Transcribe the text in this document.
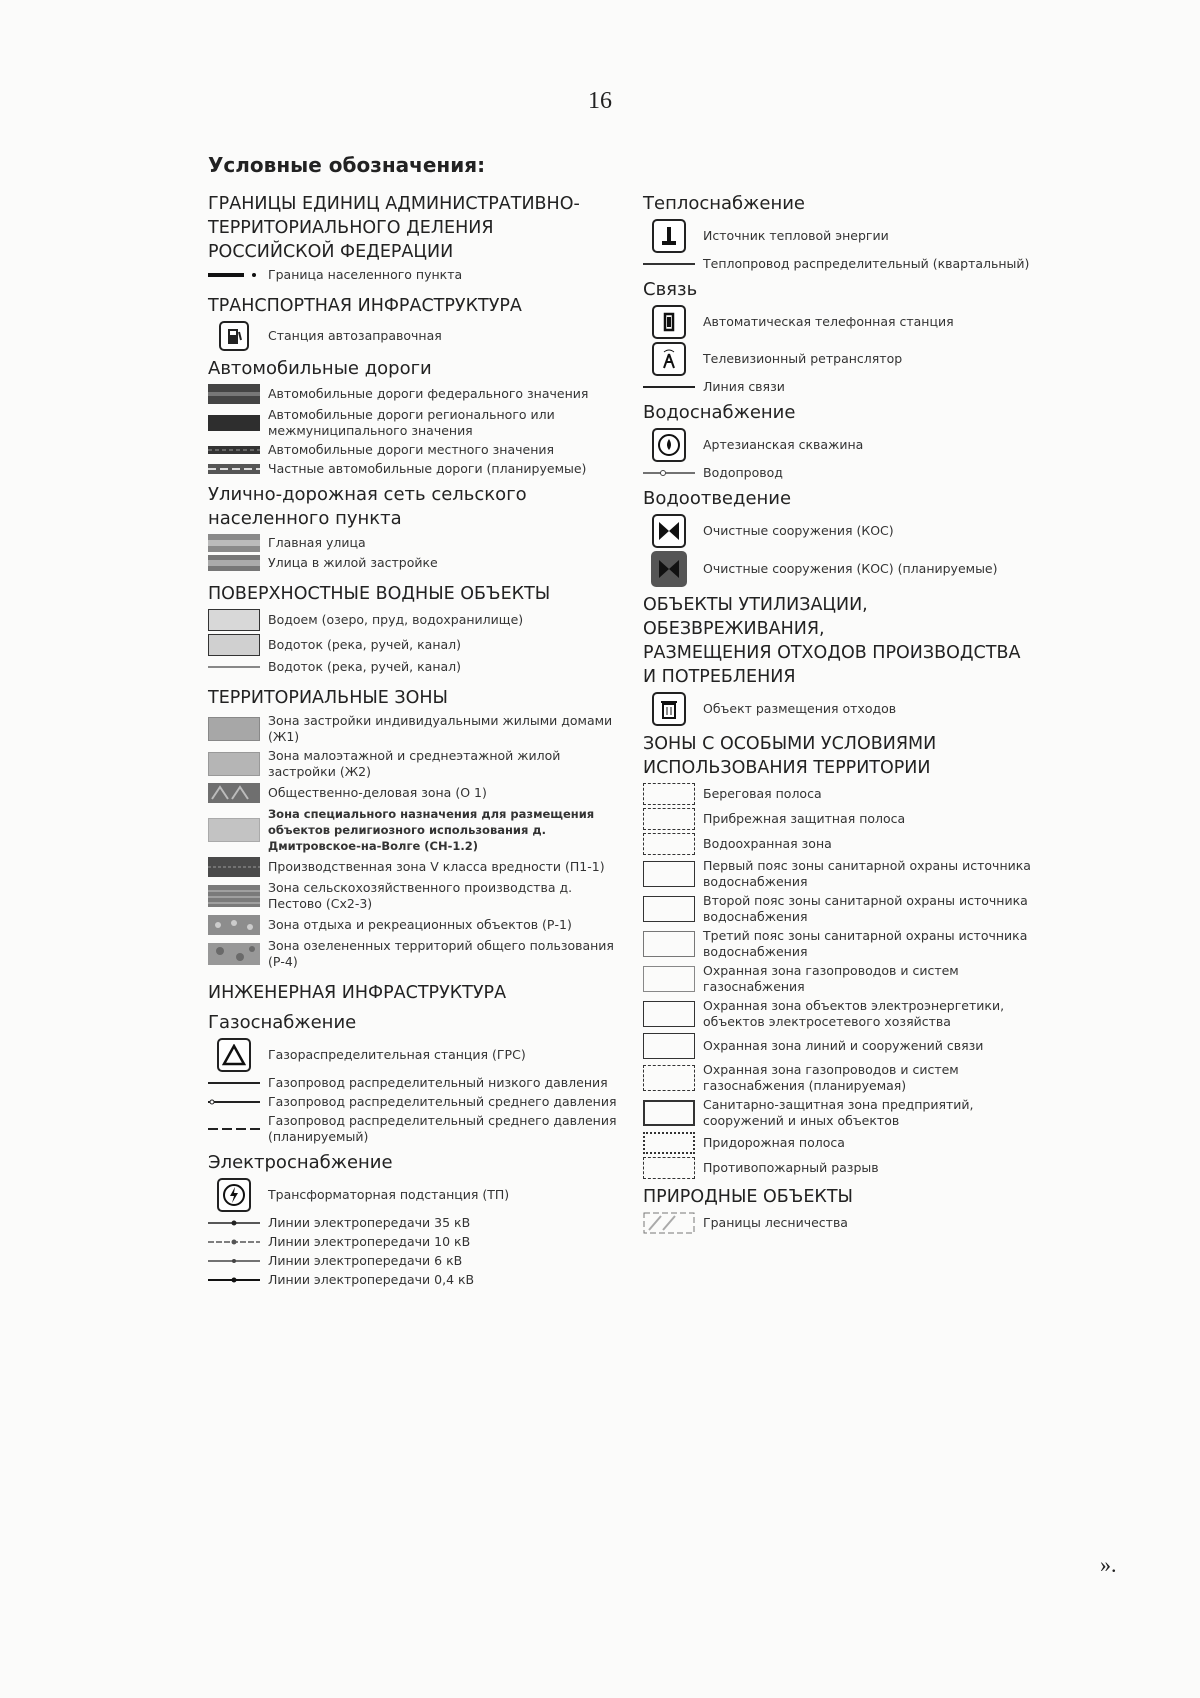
16
Условные обозначения:
ГРАНИЦЫ ЕДИНИЦ АДМИНИСТРАТИВНО-
ТЕРРИТОРИАЛЬНОГО ДЕЛЕНИЯ
РОССИЙСКОЙ ФЕДЕРАЦИИ
Граница населенного пункта
ТРАНСПОРТНАЯ ИНФРАСТРУКТУРА
Станция автозаправочная
Автомобильные дороги
Автомобильные дороги федерального значения
Автомобильные дороги регионального или межмуниципального значения
Автомобильные дороги местного значения
Частные автомобильные дороги (планируемые)
Улично-дорожная сеть сельского
населенного пункта
Главная улица
Улица в жилой застройке
ПОВЕРХНОСТНЫЕ ВОДНЫЕ ОБЪЕКТЫ
Водоем (озеро, пруд, водохранилище)
Водоток (река, ручей, канал)
Водоток (река, ручей, канал)
ТЕРРИТОРИАЛЬНЫЕ ЗОНЫ
Зона застройки индивидуальными жилыми домами (Ж1)
Зона малоэтажной и среднеэтажной жилой застройки (Ж2)
Общественно-деловая зона (О 1)
Зона специального назначения для размещения объектов религиозного использования д. Дмитровское-на-Волге (СН-1.2)
Производственная зона V класса вредности (П1-1)
Зона сельскохозяйственного производства д. Пестово (Сх2-3)
Зона отдыха и рекреационных объектов (Р-1)
Зона озелененных территорий общего пользования (Р-4)
ИНЖЕНЕРНАЯ ИНФРАСТРУКТУРА
Газоснабжение
Газораспределительная станция (ГРС)
Газопровод распределительный низкого давления
Газопровод распределительный среднего давления
Газопровод распределительный среднего давления (планируемый)
Электроснабжение
Трансформаторная подстанция (ТП)
Линии электропередачи 35 кВ
Линии электропередачи 10 кВ
Линии электропередачи 6 кВ
Линии электропередачи 0,4 кВ
Теплоснабжение
Источник тепловой энергии
Теплопровод распределительный (квартальный)
Связь
Автоматическая телефонная станция
Телевизионный ретранслятор
Линия связи
Водоснабжение
Артезианская скважина
Водопровод
Водоотведение
Очистные сооружения (КОС)
Очистные сооружения (КОС) (планируемые)
ОБЪЕКТЫ УТИЛИЗАЦИИ, ОБЕЗВРЕЖИВАНИЯ,
РАЗМЕЩЕНИЯ ОТХОДОВ ПРОИЗВОДСТВА
И ПОТРЕБЛЕНИЯ
Объект размещения отходов
ЗОНЫ С ОСОБЫМИ УСЛОВИЯМИ
ИСПОЛЬЗОВАНИЯ ТЕРРИТОРИИ
Береговая полоса
Прибрежная защитная полоса
Водоохранная зона
Первый пояс зоны санитарной охраны источника водоснабжения
Второй пояс зоны санитарной охраны источника водоснабжения
Третий пояс зоны санитарной охраны источника водоснабжения
Охранная зона газопроводов и систем газоснабжения
Охранная зона объектов электроэнергетики, объектов электросетевого хозяйства
Охранная зона линий и сооружений связи
Охранная зона газопроводов и систем газоснабжения (планируемая)
Санитарно-защитная зона предприятий, сооружений и иных объектов
Придорожная полоса
Противопожарный разрыв
ПРИРОДНЫЕ ОБЪЕКТЫ
Границы лесничества
».
